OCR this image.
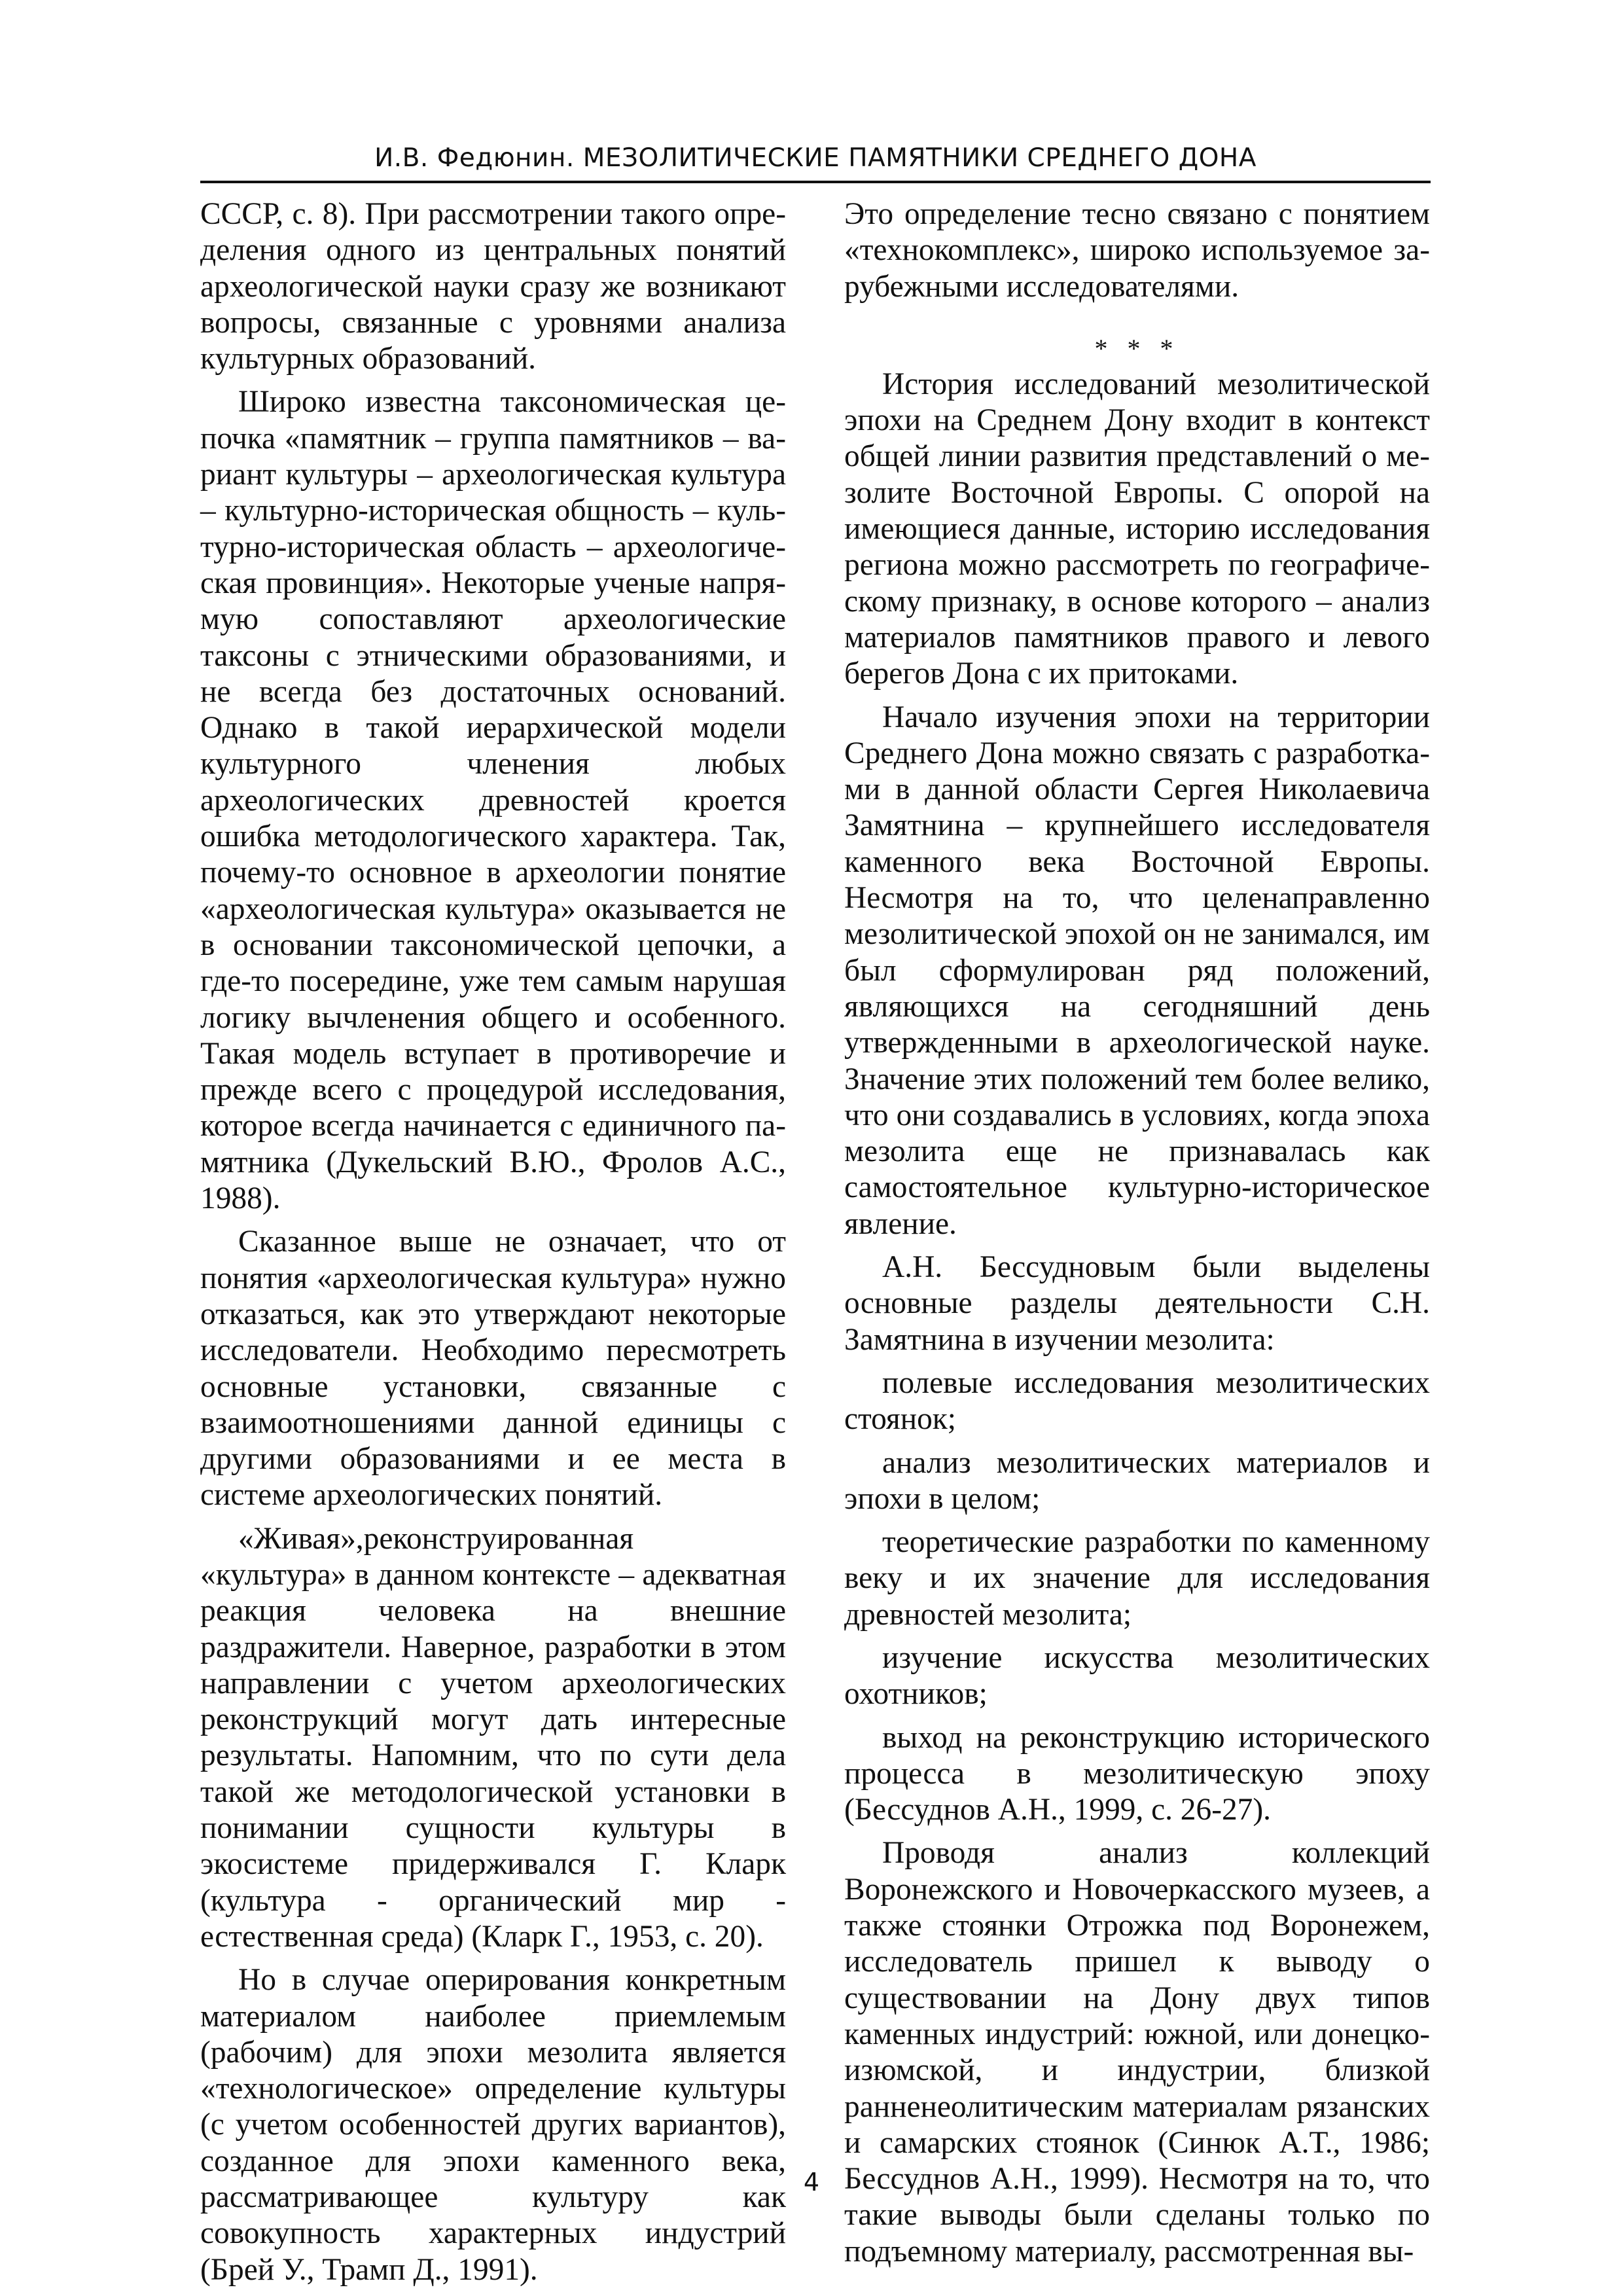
И.В. Федюнин. МЕЗОЛИТИЧЕСКИЕ ПАМЯТНИКИ СРЕДНЕГО ДОНА

СССР, с. 8). При рассмотрении такого определения одного из центральных понятий археологической науки сразу же возникают вопросы, связанные с уровнями анализа культурных образований.

Широко известна таксономическая цепочка «памятник – группа памятников – вариант культуры – археологическая культура – культурно-историческая общность – культурно-историческая область – археологическая провинция». Некоторые ученые напрямую сопоставляют археологические таксоны с этническими образованиями, и не всегда без достаточных оснований. Однако в такой иерархической модели культурного членения любых археологических древностей кроется ошибка методологического характера. Так, почему-то основное в археологии понятие «археологическая культура» оказывается не в основании таксономической цепочки, а где-то посередине, уже тем самым нарушая логику вычленения общего и особенного. Такая модель вступает в противоречие и прежде всего с процедурой исследования, которое всегда начинается с единичного памятника (Дукельский В.Ю., Фролов А.С., 1988).

Сказанное выше не означает, что от понятия «археологическая культура» нужно отказаться, как это утверждают некоторые исследователи. Необходимо пересмотреть основные установки, связанные с взаимоотношениями данной единицы с другими образованиями и ее места в системе археологических понятий.

«Живая»,реконструированная «культура» в данном контексте – адекватная реакция человека на внешние раздражители. Наверное, разработки в этом направлении с учетом археологических реконструкций могут дать интересные результаты. Напомним, что по сути дела такой же методологической установки в понимании сущности культуры в экосистеме придерживался Г. Кларк (культура - органический мир - естественная среда) (Кларк Г., 1953, с. 20).

Но в случае оперирования конкретным материалом наиболее приемлемым (рабочим) для эпохи мезолита является «технологическое» определение культуры (с учетом особенностей других вариантов), созданное для эпохи каменного века, рассматривающее культуру как совокупность характерных индустрий (Брей У., Трамп Д., 1991).

Это определение тесно связано с понятием «технокомплекс», широко используемое зарубежными исследователями.

* * *

История исследований мезолитической эпохи на Среднем Дону входит в контекст общей линии развития представлений о мезолите Восточной Европы. С опорой на имеющиеся данные, историю исследования региона можно рассмотреть по географическому признаку, в основе которого – анализ материалов памятников правого и левого берегов Дона с их притоками.

Начало изучения эпохи на территории Среднего Дона можно связать с разработками в данной области Сергея Николаевича Замятнина – крупнейшего исследователя каменного века Восточной Европы. Несмотря на то, что целенаправленно мезолитической эпохой он не занимался, им был сформулирован ряд положений, являющихся на сегодняшний день утвержденными в археологической науке. Значение этих положений тем более велико, что они создавались в условиях, когда эпоха мезолита еще не признавалась как самостоятельное культурно-историческое явление.

А.Н. Бессудновым были выделены основные разделы деятельности С.Н. Замятнина в изучении мезолита:

полевые исследования мезолитических стоянок;

анализ мезолитических материалов и эпохи в целом;

теоретические разработки по каменному веку и их значение для исследования древностей мезолита;

изучение искусства мезолитических охотников;

выход на реконструкцию исторического процесса в мезолитическую эпоху (Бессуднов А.Н., 1999, с. 26-27).

Проводя анализ коллекций Воронежского и Новочеркасского музеев, а также стоянки Отрожка под Воронежем, исследователь пришел к выводу о существовании на Дону двух типов каменных индустрий: южной, или донецко-изюмской, и индустрии, близкой ранненеолитическим материалам рязанских и самарских стоянок (Синюк А.Т., 1986; Бессуднов А.Н., 1999). Несмотря на то, что такие выводы были сделаны только по подъемному материалу, рассмотренная вы-

4
